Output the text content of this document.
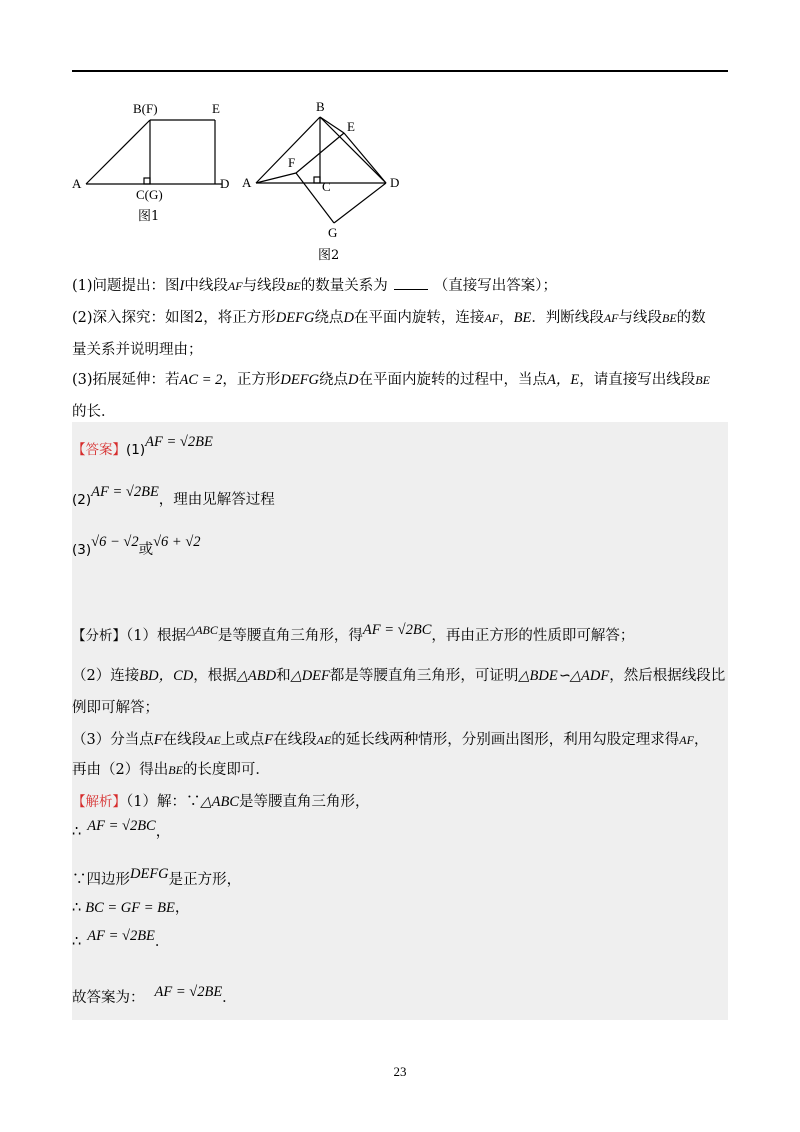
A
B(F)	E
C(G)
D
图1
A
B
E
F
C	D
G
图2
(1)问题提出：图I中线段AF与线段BE的数量关系为	（直接写出答案）；
(2)深入探究：如图2，将正方形DEFG绕点D在平面内旋转，连接AF，BE．判断线段AF与线段BE的数
量关系并说明理由；
(3)拓展延伸：若AC = 2，正方形DEFG绕点D在平面内旋转的过程中，当点A，E，请直接写出线段BE
的长．
【答案】(1)AF = √2BE
(2)AF = √2BE，理由见解答过程
(3)√6 − √2或√6 + √2
【分析】（1）根据$^{\triangle ABC}$是等腰直角三角形，得AF = √2BC，再由正方形的性质即可解答；
（2）连接BD，CD，根据△ABD和△DEF都是等腰直角三角形，可证明△BDE∽△ADF，然后根据线段比
例即可解答；
（3）分当点F在线段AE上或点F在线段AE的延长线两种情形，分别画出图形，利用勾股定理求得AF，
再由（2）得出BE的长度即可．
【解析】（1）解：∵△ABC是等腰直角三角形，
∴ AF = √2BC，
∵四边形DEFG是正方形，
∴ BC = GF = BE，
∴ AF = √2BE．
故答案为： AF = √2BE．
23
